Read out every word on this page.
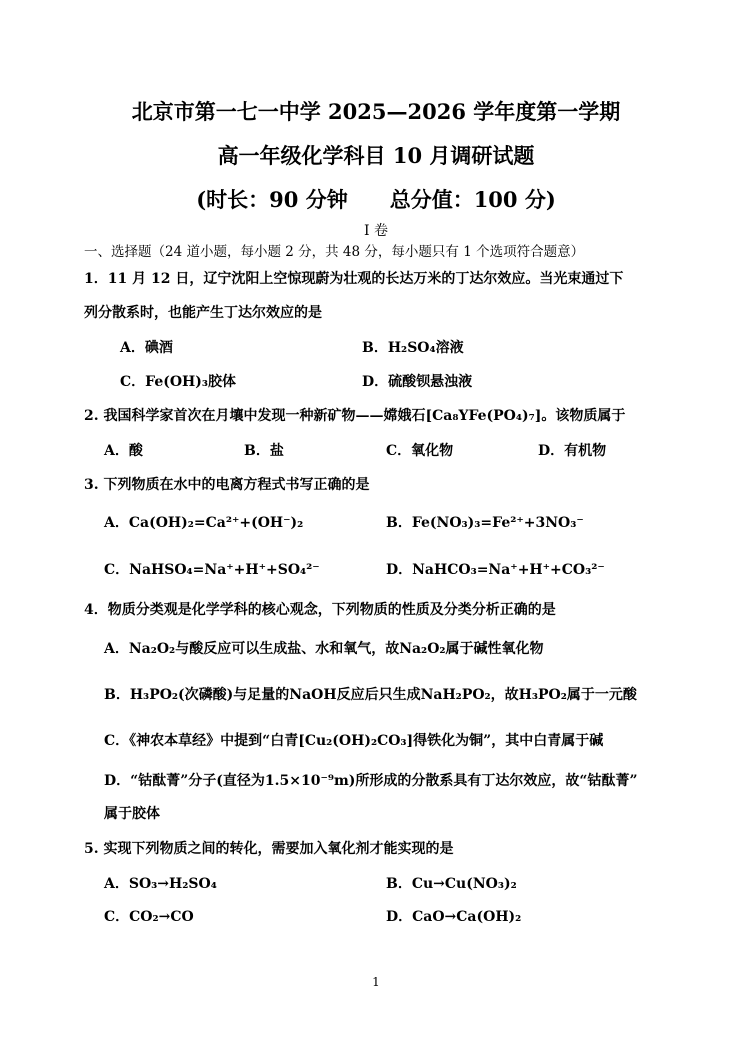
北京市第一七一中学 2025—2026 学年度第一学期
高一年级化学科目 10 月调研试题
(时长：90 分钟　　总分值：100 分)
I 卷
一、选择题（24 道小题，每小题 2 分，共 48 分，每小题只有 1 个选项符合题意）
1．11 月 12 日，辽宁沈阳上空惊现蔚为壮观的长达万米的丁达尔效应。当光束通过下
列分散系时，也能产生丁达尔效应的是
A．碘酒	B．H₂SO₄溶液
C．Fe(OH)₃胶体	D．硫酸钡悬浊液
2. 我国科学家首次在月壤中发现一种新矿物——嫦娥石[Ca₈YFe(PO₄)₇]。该物质属于
A．酸	B．盐	C．氧化物	D．有机物
3. 下列物质在水中的电离方程式书写正确的是
A．Ca(OH)₂=Ca²⁺+(OH⁻)₂	B．Fe(NO₃)₃=Fe²⁺+3NO₃⁻
C．NaHSO₄=Na⁺+H⁺+SO₄²⁻	D．NaHCO₃=Na⁺+H⁺+CO₃²⁻
4．物质分类观是化学学科的核心观念，下列物质的性质及分类分析正确的是
A．Na₂O₂与酸反应可以生成盐、水和氧气，故Na₂O₂属于碱性氧化物
B．H₃PO₂(次磷酸)与足量的NaOH反应后只生成NaH₂PO₂，故H₃PO₂属于一元酸
C．《神农本草经》中提到“白青[Cu₂(OH)₂CO₃]得铁化为铜”，其中白青属于碱
D．“钴酞菁”分子(直径为1.5×10⁻⁹m)所形成的分散系具有丁达尔效应，故“钴酞菁”
属于胶体
5. 实现下列物质之间的转化，需要加入氧化剂才能实现的是
A．SO₃→H₂SO₄	B．Cu→Cu(NO₃)₂
C．CO₂→CO	D．CaO→Ca(OH)₂
1
